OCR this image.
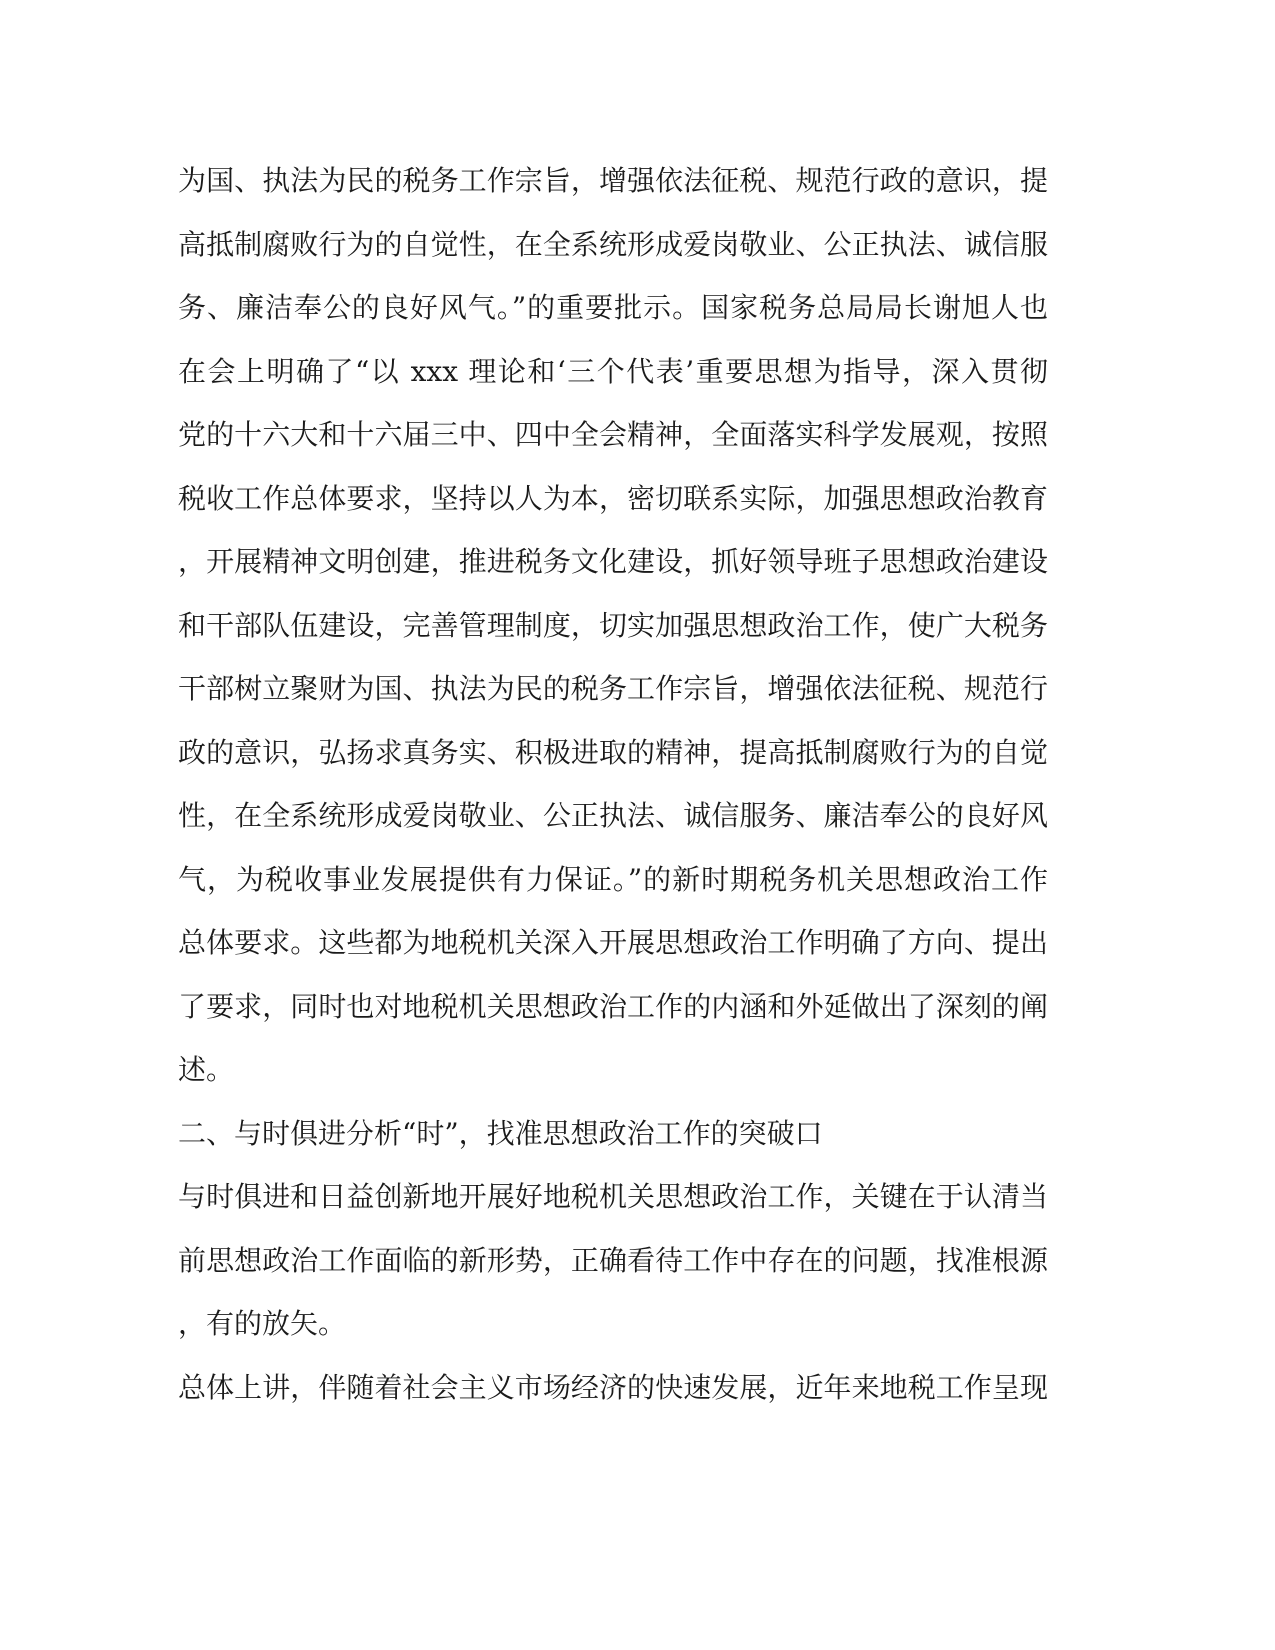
为国、执法为民的税务工作宗旨，增强依法征税、规范行政的意识，提
高抵制腐败行为的自觉性，在全系统形成爱岗敬业、公正执法、诚信服
务、廉洁奉公的良好风气。”的重要批示。国家税务总局局长谢旭人也
在会上明确了“以 xxx 理论和‘三个代表’重要思想为指导，深入贯彻
党的十六大和十六届三中、四中全会精神，全面落实科学发展观，按照
税收工作总体要求，坚持以人为本，密切联系实际，加强思想政治教育
，开展精神文明创建，推进税务文化建设，抓好领导班子思想政治建设
和干部队伍建设，完善管理制度，切实加强思想政治工作，使广大税务
干部树立聚财为国、执法为民的税务工作宗旨，增强依法征税、规范行
政的意识，弘扬求真务实、积极进取的精神，提高抵制腐败行为的自觉
性，在全系统形成爱岗敬业、公正执法、诚信服务、廉洁奉公的良好风
气，为税收事业发展提供有力保证。”的新时期税务机关思想政治工作
总体要求。这些都为地税机关深入开展思想政治工作明确了方向、提出
了要求，同时也对地税机关思想政治工作的内涵和外延做出了深刻的阐
述。
二、与时俱进分析“时”，找准思想政治工作的突破口
与时俱进和日益创新地开展好地税机关思想政治工作，关键在于认清当
前思想政治工作面临的新形势，正确看待工作中存在的问题，找准根源
，有的放矢。
总体上讲，伴随着社会主义市场经济的快速发展，近年来地税工作呈现
